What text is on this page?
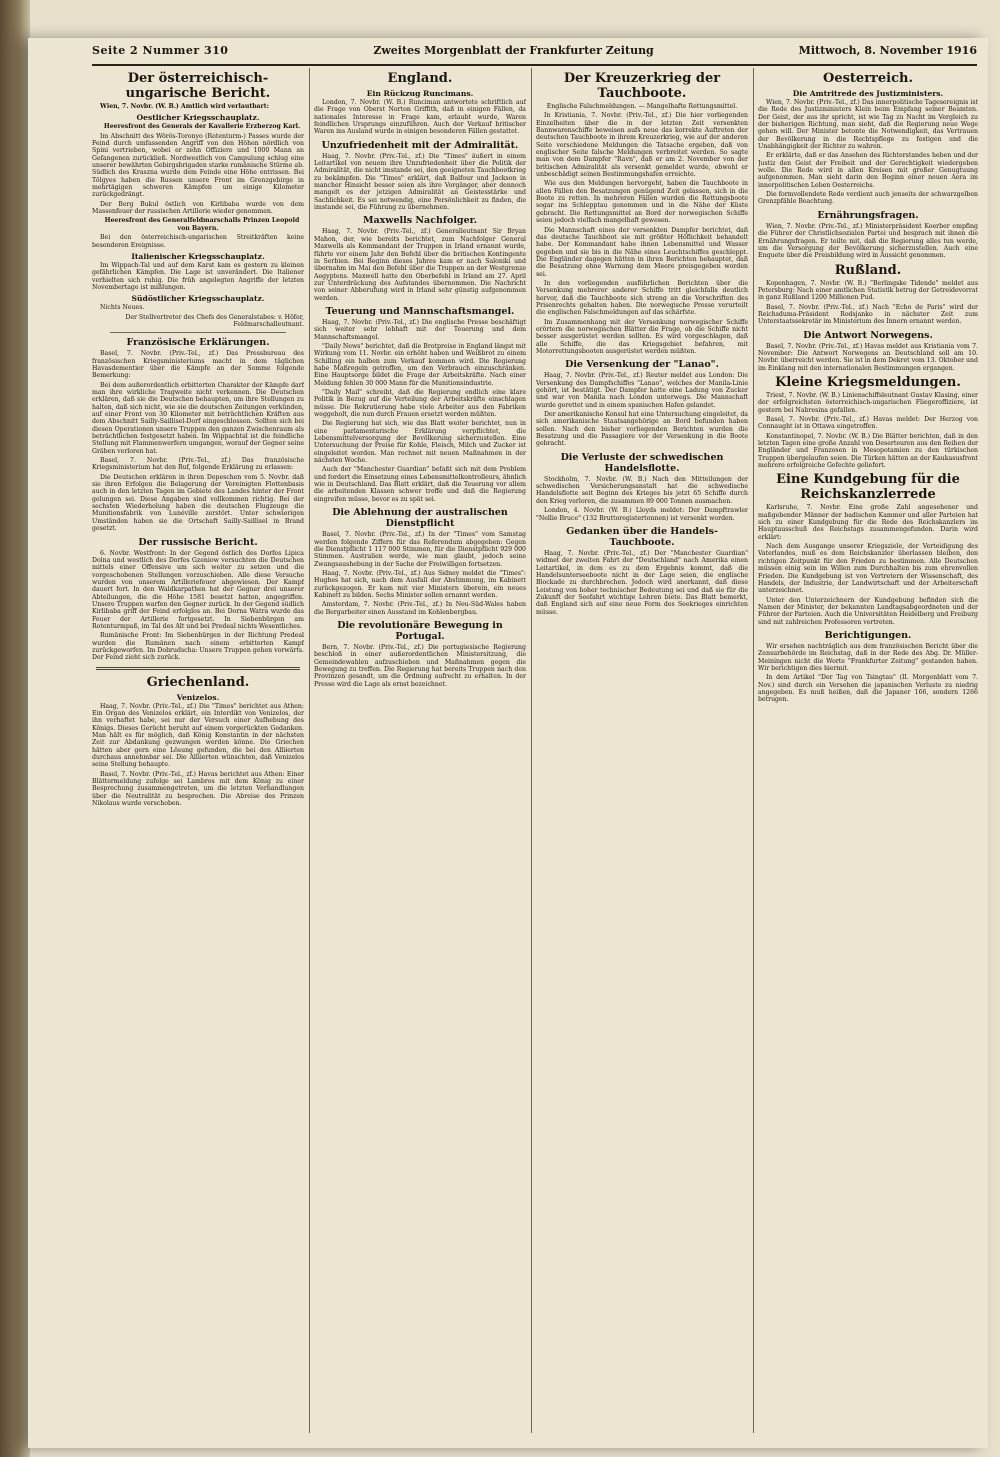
Seite 2 Nummer 310	Zweites Morgenblatt der Frankfurter Zeitung	Mittwoch, 8. November 1916
Der österreichisch-ungarische Bericht.

Wien, 7. Novbr. (W. B.) Amtlich wird verlautbart:

Oestlicher Kriegsschauplatz.

Heeresfront des Generals der Kavallerie Erzherzog Karl.

Im Abschnitt des Wörös-Toronyo (Rotenturm-) Passes wurde der Feind durch umfassenden Angriff von den Höhen nördlich von Spini vertrieben, wobei er zehn Offiziere und 1000 Mann an Gefangenen zurückließ. Nordwestlich von Campulung schlug eine unserer bewährten Gebirgsbrigaden starke rumänische Stürme ab. Südlich des Kraszna wurde dem Feinde eine Höhe entrissen. Bei Tölgyes haben die Russen unsere Front im Grenzgebirge in mehrtägigen schweren Kämpfen um einige Kilometer zurückgedrängt.

Der Berg Bukul östlich von Kirlibaba wurde von dem Massenfeuer der russischen Artillerie wieder genommen.

Heeresfront des Generalfeldmarschalls Prinzen Leopold von Bayern.

Bei den österreichisch-ungarischen Streitkräften keine besonderen Ereignisse.

Italienischer Kriegsschauplatz.

Im Wippach-Tal und auf dem Karst kam es gestern zu kleinen gefährlichen Kämpfen. Die Lage ist unverändert. Die Italiener verhielten sich ruhig. Die früh angelegten Angriffe der letzten Novembertage ist mißlungen.

Südöstlicher Kriegsschauplatz.

Nichts Neues.

Der Stellvertreter des Chefs des Generalstabes: v. Höfer, Feldmarschalleutnant.

Französische Erklärungen.

Basel, 7. Novbr. (Priv.-Tel., zf.) Das Pressbureau des französischen Kriegsministeriums macht in dem täglichen Havasdementier über die Kämpfe an der Somme folgende Bemerkung:

Bei dem außerordentlich erbitterten Charakter der Kämpfe darf man ihre wirkliche Tragweite nicht verkennen. Die Deutschen erklären, daß sie die Deutschen behaupten, um ihre Stellungen zu halten, daß sich nicht, wie sie die deutschen Zeitungen verkünden, auf einer Front von 30 Kilometer mit beträchtlichen Kräften aus dem Abschnitt Sailly-Saillisel-Dorf eingeschlossen. Sollten sich bei diesen Operationen unsere Truppen den ganzen Zwischenraum als beträchtlichen festgesetzt haben. Im Wippachtal ist die feindliche Stellung mit Flammenwerfern umgangen, worauf der Gegner seine Gräben verloren hat.

Basel, 7. Novbr. (Priv.-Tel., zf.) Das französische Kriegsministerium hat den Ruf, folgende Erklärung zu erlassen:

Die Deutschen erklären in ihren Depeschen vom 5. Novbr. daß sie ihren Erfolgen die Belagerung der Vereinigten Flottenbasis auch in den letzten Tagen im Gebiete des Landes hinter der Front gelungen sei. Diese Angaben sind vollkommen richtig. Bei der sechsten Wiederholung haben die deutschen Flugzeuge die Munitionsfabrik von Lunéville zerstört. Unter schwierigen Umständen haben sie die Ortschaft Sailly-Saillisel in Brand gesetzt.

Der russische Bericht.

6. Novbr. Westfront: In der Gegend östlich des Dorfes Lipica Dolna und westlich des Dorfes Gzeniow versuchten die Deutschen mittels einer Offensive um sich weiter zu setzen und die vorgeschobenen Stellungen vorzuschieben. Alle diese Versuche wurden von unserem Artilleriefeuer abgewiesen. Der Kampf dauert fort. In den Waldkarpathen hat der Gegner drei unserer Abteilungen, die die Höhe 1581 besetzt hatten, angegriffen. Unsere Truppen warfen den Gegner zurück. In der Gegend südlich Kirlibaba griff der Feind erfolglos an. Bei Dorna Watra wurde das Feuer der Artillerie fortgesetzt. In Siebenbürgen am Rotenturmpaß, im Tal des Alt und bei Predeal nichts Wesentliches.

Rumänische Front: Im Siebenbürgen in der Richtung Predeal wurden die Rumänen nach einem erbitterten Kampf zurückgeworfen. Im Dobrudscha: Unsere Truppen gehen vorwärts. Der Feind zieht sich zurück.

Griechenland.
Venizelos.

Haag, 7. Novbr. (Priv.-Tel., zf.) Die "Times" berichtet aus Athen: Ein Organ des Venizelos erklärt, ein Interdikt von Venizelos, der ihn verhaftet habe, sei nur der Versuch einer Aufhebung des Königs. Dieses Gerücht beruht auf einem vorgerückten Gedanken. Man hält es für möglich, daß König Konstantin in der nächsten Zeit zur Abdankung gezwungen werden könne. Die Griechen hätten aber gern eine Lösung gefunden, die bei den Alliierten durchaus annehmbar sei. Die Alliierten wünschten, daß Venizelos seine Stellung behaupte.

Basel, 7. Novbr. (Priv.-Tel., zf.) Havas berichtet aus Athen: Einer Blättermeldung zufolge sei Lambros mit dem König zu einer Besprechung zusammengetreten, um die letzten Verhandlungen über die Neutralität zu besprechen. Die Abreise des Prinzen Nikolaus wurde verschoben.

England.
Ein Rückzug Runcimans.

London, 7. Novbr. (W. B.) Runciman antwortete schriftlich auf die Frage von Oberst Norton Griffith, daß in einigen Fällen, da nationales Interesse in Frage kam, erlaubt wurde, Waren feindlichen Ursprungs einzuführen. Auch der Verkauf britischer Waren ins Ausland wurde in einigen besonderen Fällen gestattet.

Unzufriedenheit mit der Admiralität.

Haag, 7. Novbr. (Priv.-Tel., zf.) Die "Times" äußert in einem Leitartikel von neuem ihre Unzufriedenheit über die Politik der Admiralität, die nicht imstande sei, den geeigneten Tauchbootkrieg zu bekämpfen. Die "Times" erklärt, daß Balfour und Jackson in mancher Hinsicht besser seien als ihre Vorgänger, aber dennoch mangelt es der jetzigen Admiralität an Geistesstärke und Sachlichkeit. Es sei notwendig, eine Persönlichkeit zu finden, die imstande sei, die Führung zu übernehmen.

Maxwells Nachfolger.

Haag, 7. Novbr. (Priv.-Tel., zf.) Generalleutnant Sir Bryan Mahon, der, wie bereits berichtet, zum Nachfolger General Maxwells als Kommandant der Truppen in Irland ernannt wurde, führte vor einem Jahr den Befehl über die britischen Kontingente in Serbien. Bei Beginn dieses Jahres kam er nach Saloniki und übernahm im Mai den Befehl über die Truppen an der Westgrenze Aegyptens. Maxwell hatte den Oberbefehl in Irland am 27. April zur Unterdrückung des Aufstandes übernommen. Die Nachricht von seiner Abberufung wird in Irland sehr günstig aufgenommen werden.

Teuerung und Mannschaftsmangel.

Haag, 7. Novbr. (Priv.-Tel., zf.) Die englische Presse beschäftigt sich weiter sehr lebhaft mit der Teuerung und dem Mannschaftsmangel.

"Daily News" berichtet, daß die Brotpreise in England längst mit Wirkung vom 11. Novbr. ein erhöht haben und Weißbrot zu einem Schilling ein halben zum Verkauf kommen wird. Die Regierung habe Maßregeln getroffen, um den Verbrauch einzuschränken. Eine Hauptsorge bildet die Frage der Arbeitskräfte. Nach einer Meldung fehlen 30 000 Mann für die Munitionsindustrie.

"Daily Mail" schreibt, daß die Regierung endlich eine klare Politik in Bezug auf die Verteilung der Arbeitskräfte einschlagen müsse. Die Rekrutierung habe viele Arbeiter aus den Fabriken weggeholt, die nun durch Frauen ersetzt werden müßten.

Die Regierung hat sich, wie das Blatt weiter berichtet, nun in eine parlamentarische Erklärung verpflichtet, die Lebensmittelversorgung der Bevölkerung sicherzustellen. Eine Untersuchung der Preise für Kohle, Fleisch, Milch und Zucker ist eingeleitet worden. Man rechnet mit neuen Maßnahmen in der nächsten Woche.

Auch der "Manchester Guardian" befaßt sich mit dem Problem und fordert die Einsetzung eines Lebensmittelkontrolleurs, ähnlich wie in Deutschland. Das Blatt erklärt, daß die Teuerung vor allem die arbeitenden Klassen schwer treffe und daß die Regierung eingreifen müsse, bevor es zu spät sei.

Die Ablehnung der australischen Dienstpflicht

Basel, 7. Novbr. (Priv.-Tel., zf.) In der "Times" vom Samstag werden folgende Ziffern für das Referendum abgegeben: Gegen die Dienstpflicht 1 117 000 Stimmen, für die Dienstpflicht 929 000 Stimmen. Australien werde, wie man glaubt, jedoch seine Zwangsaushebung in der Sache der Freiwilligen fortsetzen.

Haag, 7. Novbr. (Priv.-Tel., zf.) Aus Sidney meldet die "Times": Hughes hat sich, nach dem Ausfall der Abstimmung, im Kabinett zurückgezogen. Er kam mit vier Ministern überein, ein neues Kabinett zu bilden. Sechs Minister sollen ernannt werden.

Amsterdam, 7. Novbr. (Priv.-Tel., zf.) In Neu-Süd-Wales haben die Bergarbeiter einen Ausstand im Kohlenbergbau.

Die revolutionäre Bewegung in Portugal.

Bern, 7. Novbr. (Priv.-Tel., zf.) Die portugiesische Regierung beschloß in einer außerordentlichen Ministersitzung, die Gemeindewahlen aufzuschieben und Maßnahmen gegen die Bewegung zu treffen. Die Regierung hat bereits Truppen nach den Provinzen gesandt, um die Ordnung aufrecht zu erhalten. In der Presse wird die Lage als ernst bezeichnet.

Der Kreuzerkrieg der Tauchboote.

Englische Falschmeldungen. — Mangelhafte Rettungsmittel.

In Kristiania, 7. Novbr. (Priv.-Tel., zf.) Die hier vorliegenden Einzelheiten über die in der letzten Zeit versenkten Bannwarenschiffe beweisen aufs neue das korrekte Auftreten der deutschen Tauchboote in ihrem Kreuzerkrieg, wie auf der anderen Seite verschiedene Meldungen die Tatsache ergeben, daß von englischer Seite falsche Meldungen verbreitet werden. So sagte man von dem Dampfer "Ravn", daß er am 2. November von der britischen Admiralität als versenkt gemeldet wurde, obwohl er unbeschädigt seinen Bestimmungshafen erreichte.

Wie aus den Meldungen hervorgeht, haben die Tauchboote in allen Fällen den Besatzungen genügend Zeit gelassen, sich in die Boote zu retten. In mehreren Fällen wurden die Rettungsboote sogar ins Schlepptau genommen und in die Nähe der Küste gebracht. Die Rettungsmittel an Bord der norwegischen Schiffe seien jedoch vielfach mangelhaft gewesen.

Die Mannschaft eines der versenkten Dampfer berichtet, daß das deutsche Tauchboot sie mit größter Höflichkeit behandelt habe. Der Kommandant habe ihnen Lebensmittel und Wasser gegeben und sie bis in die Nähe eines Leuchtschiffes geschleppt. Die Engländer dagegen hätten in ihren Berichten behauptet, daß die Besatzung ohne Warnung dem Meere preisgegeben worden sei.

In den vorliegenden ausführlichen Berichten über die Versenkung mehrerer anderer Schiffe tritt gleichfalls deutlich hervor, daß die Tauchboote sich streng an die Vorschriften des Prisenrechts gehalten haben. Die norwegische Presse verurteilt die englischen Falschmeldungen auf das schärfste.

Im Zusammenhang mit der Versenkung norwegischer Schiffe erörtern die norwegischen Blätter die Frage, ob die Schiffe nicht besser ausgerüstet werden sollten. Es wird vorgeschlagen, daß alle Schiffe, die das Kriegsgebiet befahren, mit Motorrettungsbooten ausgerüstet werden müßten.

Die Versenkung der "Lanao".

Haag, 7. Novbr. (Priv.-Tel., zf.) Reuter meldet aus London: Die Versenkung des Dampfschiffes "Lanao", welches der Manila-Linie gehört, ist bestätigt. Der Dampfer hatte eine Ladung von Zucker und war von Manila nach London unterwegs. Die Mannschaft wurde gerettet und in einem spanischen Hafen gelandet.

Der amerikanische Konsul hat eine Untersuchung eingeleitet, da sich amerikanische Staatsangehörige an Bord befunden haben sollen. Nach den bisher vorliegenden Berichten wurden die Besatzung und die Passagiere vor der Versenkung in die Boote gebracht.

Die Verluste der schwedischen Handelsflotte.

Stockholm, 7. Novbr. (W. B.) Nach den Mitteilungen der schwedischen Versicherungsanstalt hat die schwedische Handelsflotte seit Beginn des Krieges bis jetzt 65 Schiffe durch den Krieg verloren, die zusammen 89 000 Tonnen ausmachen.

London, 4. Novbr. (W. B.) Lloyds meldet: Der Dampftrawler "Nellie Bruce" (132 Bruttoregistertonnen) ist versenkt worden.

Gedanken über die Handels-Tauchboote.

Haag, 7. Novbr. (Priv.-Tel., zf.) Der "Manchester Guardian" widmet der zweiten Fahrt der "Deutschland" nach Amerika einen Leitartikel, in dem es zu dem Ergebnis kommt, daß die Handelsunterseeboote nicht in der Lage seien, die englische Blockade zu durchbrechen. Jedoch wird anerkannt, daß diese Leistung von hoher technischer Bedeutung sei und daß sie für die Zukunft der Seefahrt wichtige Lehren biete. Das Blatt bemerkt, daß England sich auf eine neue Form des Seekrieges einrichten müsse.

Oesterreich.
Die Amtritrede des Justizministers.

Wien, 7. Novbr. (Priv.-Tel., zf.) Das innerpolitische Tagesereignis ist die Rede des Justizministers Klein beim Empfang seiner Beamten. Der Geist, der aus ihr spricht, ist wie Tag zu Nacht im Vergleich zu der bisherigen Richtung, man sieht, daß die Regierung neue Wege gehen will. Der Minister betonte die Notwendigkeit, das Vertrauen der Bevölkerung in die Rechtspflege zu festigen und die Unabhängigkeit der Richter zu wahren.

Er erklärte, daß er das Ansehen des Richterstandes heben und der Justiz den Geist der Freiheit und der Gerechtigkeit wiedergeben wolle. Die Rede wird in allen Kreisen mit großer Genugtuung aufgenommen. Man sieht darin den Beginn einer neuen Aera im innerpolitischen Leben Oesterreichs.

Die formvollendete Rede verdient auch jenseits der schwarzgelben Grenzpfähle Beachtung.

Ernährungsfragen.

Wien, 7. Novbr. (Priv.-Tel., zf.) Ministerpräsident Koerber empfing die Führer der Christlichsozialen Partei und besprach mit ihnen die Ernährungsfragen. Er teilte mit, daß die Regierung alles tun werde, um die Versorgung der Bevölkerung sicherzustellen. Auch eine Enquete über die Preisbildung wird in Aussicht genommen.

Rußland.

Kopenhagen, 7. Novbr. (W. B.) "Berlingske Tidende" meldet aus Petersburg: Nach einer amtlichen Statistik betrug der Getreidevorrat in ganz Rußland 1200 Millionen Pud.

Basel, 7. Novbr. (Priv.-Tel., zf.) Nach "Echo de Paris" wird der Reichsduma-Präsident Rodsjanko in nächster Zeit zum Unterstaatssekretär im Ministerium des Innern ernannt werden.

Die Antwort Norwegens.

Basel, 7. Novbr. (Priv.-Tel., zf.) Havas meldet aus Kristiania vom 7. November: Die Antwort Norwegens an Deutschland soll am 10. Novbr. überreicht werden. Sie ist in dem Dekret vom 13. Oktober und im Einklang mit den internationalen Bestimmungen ergangen.

Kleine Kriegsmeldungen.

Triest, 7. Novbr. (W. B.) Linienschiffsleutnant Gustav Klasing, einer der erfolgreichsten österreichisch-ungarischen Fliegeroffiziere, ist gestern bei Nabresina gefallen.

Basel, 7. Novbr. (Priv.-Tel., zf.) Havas meldet: Der Herzog von Connaught ist in Ottawa eingetroffen.

Konstantinopel, 7. Novbr. (W. B.) Die Blätter berichten, daß in den letzten Tagen eine große Anzahl von Deserteuren aus den Reihen der Engländer und Franzosen in Mesopotamien zu den türkischen Truppen übergelaufen seien. Die Türken hätten an der Kaukasusfront mehrere erfolgreiche Gefechte geliefert.

Eine Kundgebung für die Reichskanzlerrede

Karlsruhe, 7. Novbr. Eine große Zahl angesehener und maßgebender Männer der badischen Kammer und aller Parteien hat sich zu einer Kundgebung für die Rede des Reichskanzlers im Hauptausschuß des Reichstags zusammengefunden. Darin wird erklärt:

Nach dem Ausgange unserer Kriegsziele, der Verteidigung des Vaterlandes, muß es dem Reichskanzler überlassen bleiben, den richtigen Zeitpunkt für den Frieden zu bestimmen. Alle Deutschen müssen einig sein im Willen zum Durchhalten bis zum ehrenvollen Frieden. Die Kundgebung ist von Vertretern der Wissenschaft, des Handels, der Industrie, der Landwirtschaft und der Arbeiterschaft unterzeichnet.

Unter den Unterzeichnern der Kundgebung befinden sich die Namen der Minister, der bekannten Landtagsabgeordneten und der Führer der Parteien. Auch die Universitäten Heidelberg und Freiburg sind mit zahlreichen Professoren vertreten.

Berichtigungen.

Wir ersehen nachträglich aus dem französischen Bericht über die Zensurbehörde im Reichstag, daß in der Rede des Abg. Dr. Müller-Meiningen nicht die Worte "Frankfurter Zeitung" gestanden haben. Wir berichtigen dies hiermit.

In dem Artikel "Der Tag von Tsingtau" (II. Morgenblatt vom 7. Nov.) sind durch ein Versehen die japanischen Verluste zu niedrig angegeben. Es muß heißen, daß die Japaner 166, sondern 1266 betrugen.
